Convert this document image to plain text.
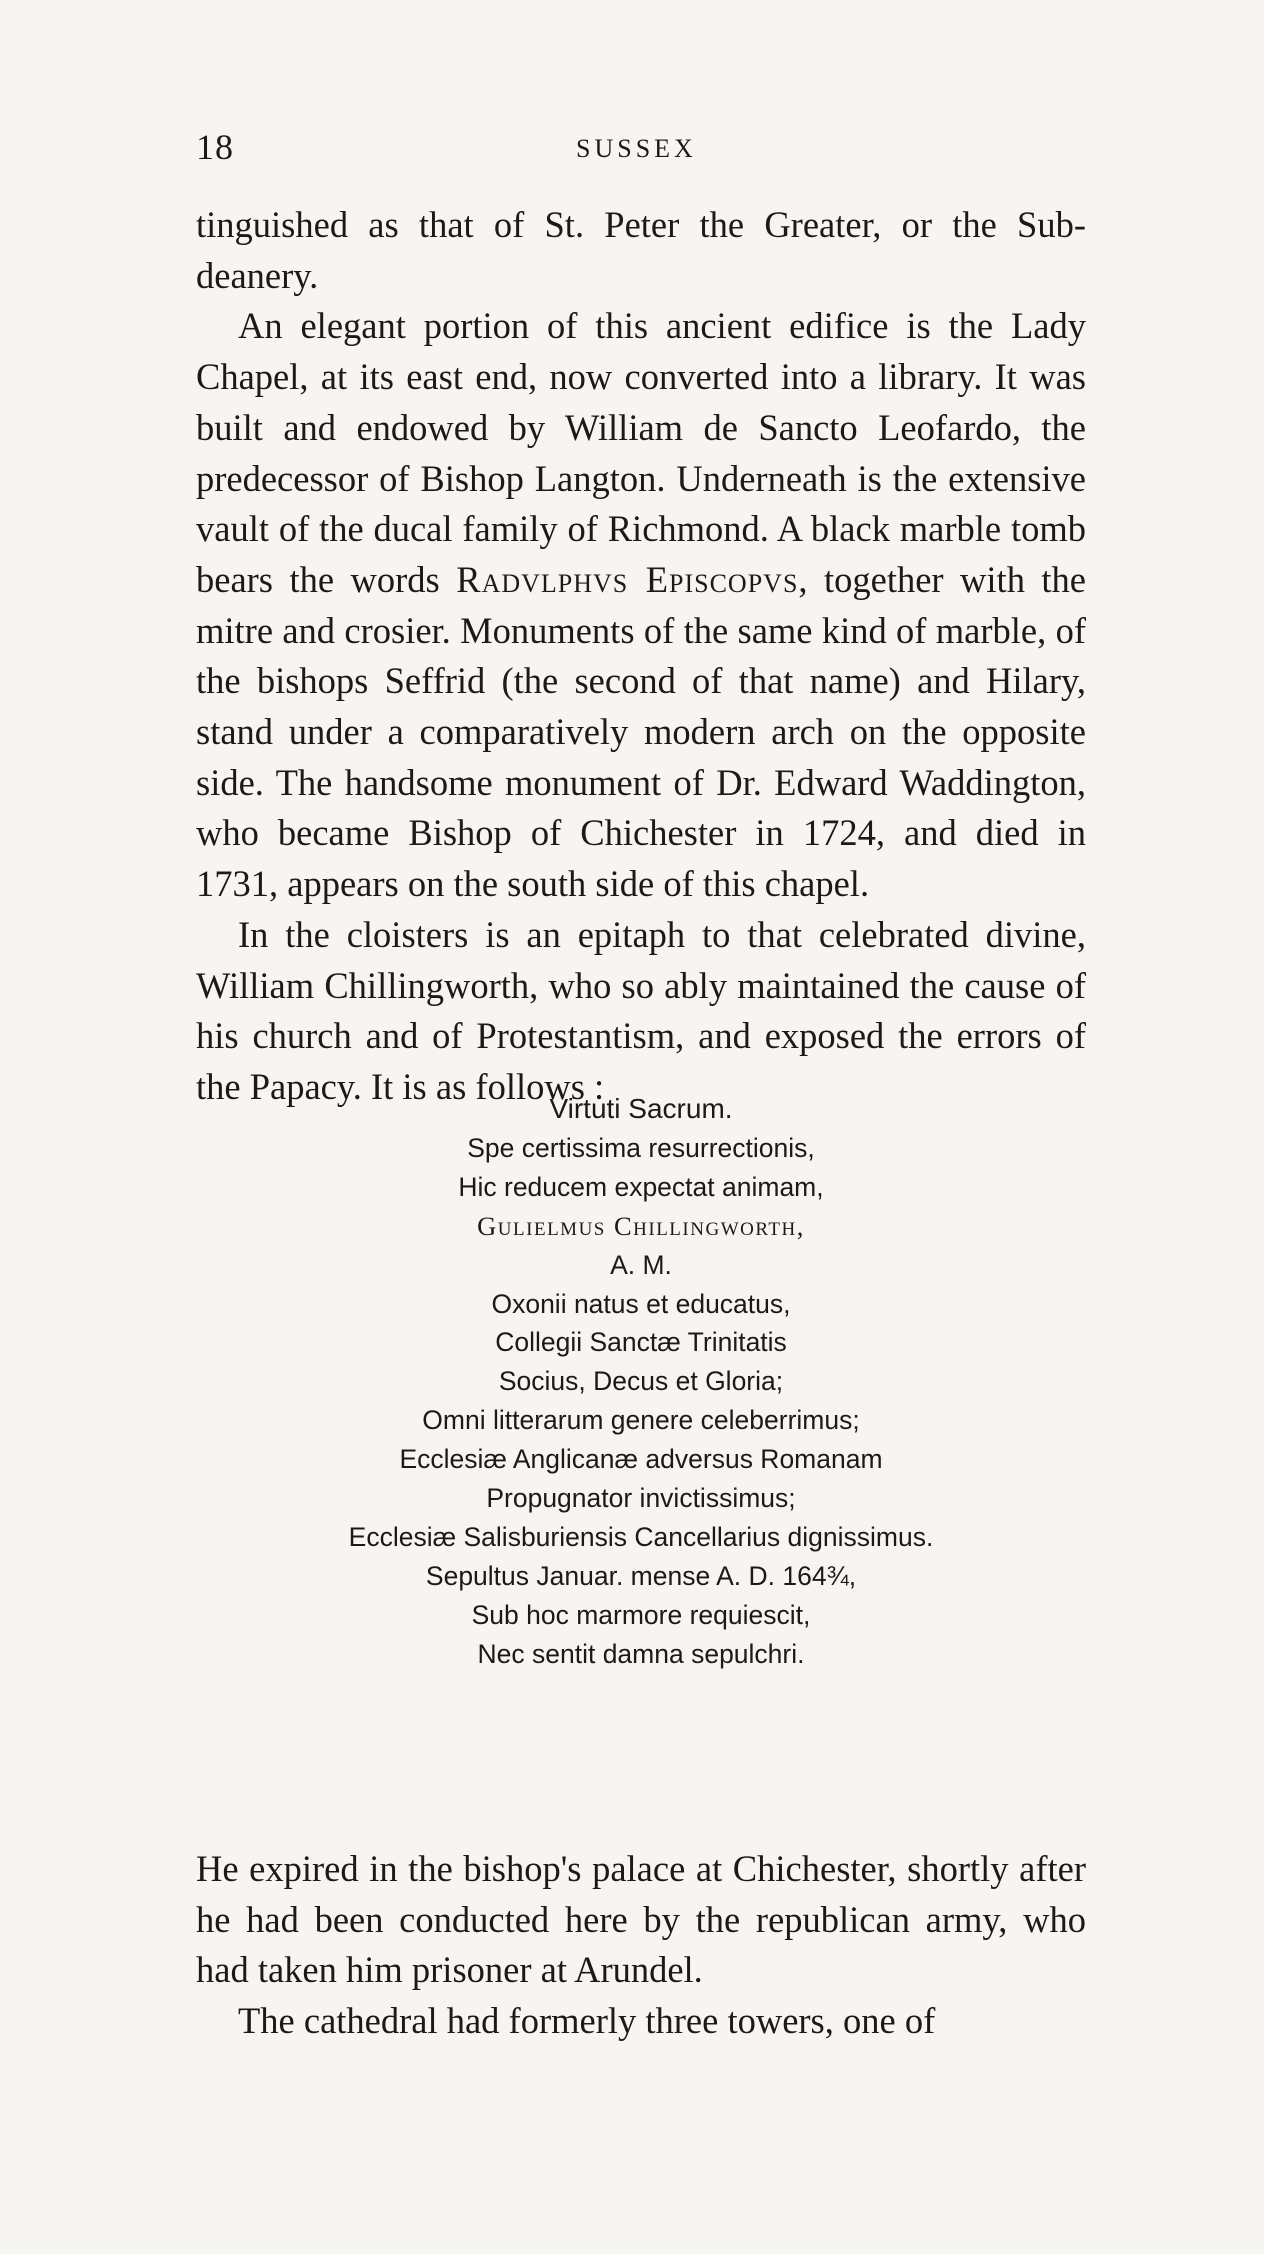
18	SUSSEX

tinguished as that of St. Peter the Greater, or the Sub-deanery.

An elegant portion of this ancient edifice is the Lady Chapel, at its east end, now converted into a library. It was built and endowed by William de Sancto Leofardo, the predecessor of Bishop Langton. Underneath is the extensive vault of the ducal family of Richmond. A black marble tomb bears the words Radvlphvs Episcopvs, together with the mitre and crosier. Monuments of the same kind of marble, of the bishops Seffrid (the second of that name) and Hilary, stand under a comparatively modern arch on the opposite side. The handsome monument of Dr. Edward Waddington, who became Bishop of Chichester in 1724, and died in 1731, appears on the south side of this chapel.

In the cloisters is an epitaph to that celebrated divine, William Chillingworth, who so ably maintained the cause of his church and of Protestantism, and exposed the errors of the Papacy. It is as follows :

Virtuti Sacrum.
Spe certissima resurrectionis,
Hic reducem expectat animam,
Gulielmus Chillingworth,
A. M.
Oxonii natus et educatus,
Collegii Sanctæ Trinitatis
Socius, Decus et Gloria;
Omni litterarum genere celeberrimus;
Ecclesiæ Anglicanæ adversus Romanam
Propugnator invictissimus;
Ecclesiæ Salisburiensis Cancellarius dignissimus.
Sepultus Januar. mense A. D. 164¾,
Sub hoc marmore requiescit,
Nec sentit damna sepulchri.

He expired in the bishop's palace at Chichester, shortly after he had been conducted here by the republican army, who had taken him prisoner at Arundel.

The cathedral had formerly three towers, one of
